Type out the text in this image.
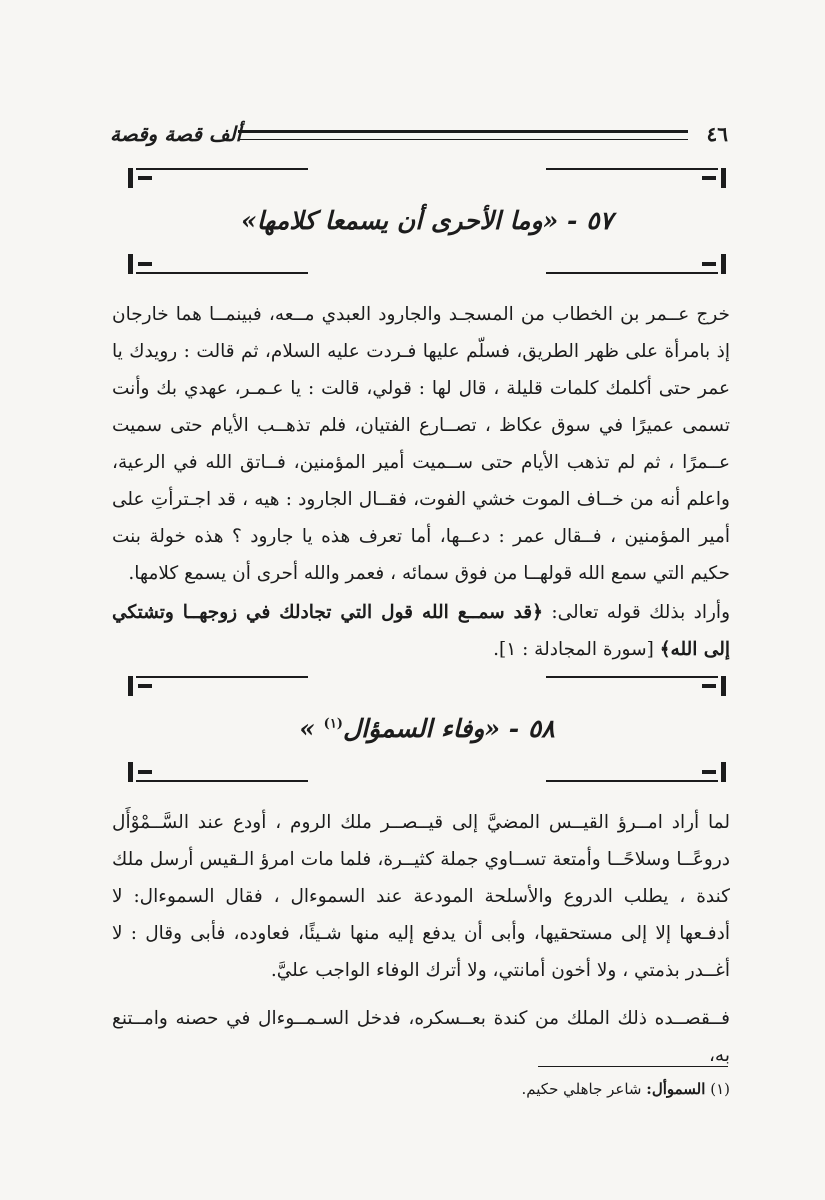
٤٦
ألف قصة وقصة
٥٧ - «وما الأحرى أن يسمعا كلامها»

خرج عــمر بن الخطاب من المسجـد والجارود العبدي مــعه، فبينمــا هما خارجان إذ بامرأة على ظهر الطريق، فسلّم عليها فـردت عليه السلام، ثم قالت : رويدك يا عمر حتى أكلمك كلمات قليلة ، قال لها : قولي، قالت : يا عـمـر، عهدي بك وأنت تسمى عميرًا في سوق عكاظ ، تصــارع الفتيان، فلم تذهــب الأيام حتى سميت عــمرًا ، ثم لم تذهب الأيام حتى ســميت أمير المؤمنين، فــاتق الله في الرعية، واعلم أنه من خــاف الموت خشي الفوت، فقــال الجارود : هيه ، قد اجـترأتِ على أمير المؤمنين ، فــقال عمر : دعــها، أما تعرف هذه يا جارود ؟ هذه خولة بنت حكيم التي سمع الله قولهــا من فوق سمائه ، فعمر والله أحرى أن يسمع كلامها.

وأراد بذلك قوله تعالى: ﴿قد سمــع الله قول التي تجادلك في زوجهــا وتشتكي إلى الله﴾ [سورة المجادلة : ١].

٥٨ - «وفاء السمؤال$^{(١)}$ »

لما أراد امــرؤ القيــس المضيَّ إلى قيــصــر ملك الروم ، أودع عند السَّــمْوْأَل دروعًــا وسلاحًــا وأمتعة تســاوي جملة كثيــرة، فلما مات امرؤ الـقيس أرسل ملك كندة ، يطلب الدروع والأسلحة المودعة عند السموءال ، فقال السموءال: لا أدفـعها إلا إلى مستحقيها، وأبى أن يدفع إليه منها شـيئًا، فعاوده، فأبى وقال : لا أغــدر بذمتي ، ولا أخون أمانتي، ولا أترك الوفاء الواجب عليَّ.

فــقصــده ذلك الملك من كندة بعــسكره، فدخل السـمــوءال في حصنه وامــتنع به،

(١) السموأل: شاعر جاهلي حكيم.
